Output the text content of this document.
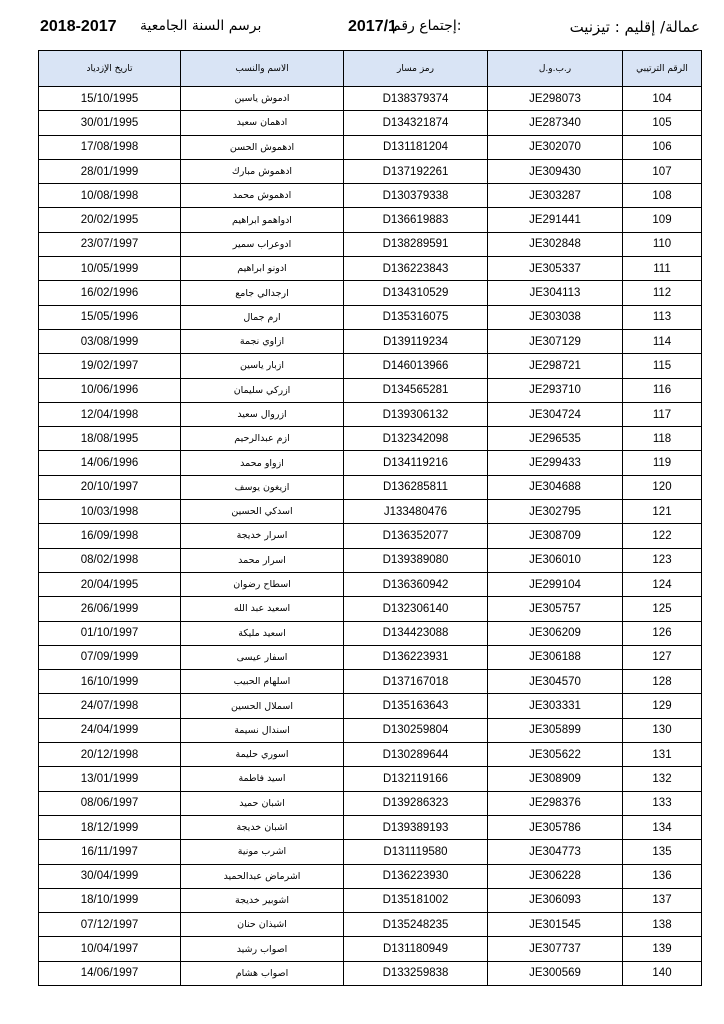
2018-2017 برسم السنة الجامعية	2017/1
إجتماع رقم:	عمالة/ إقليم : تيزنيت
تاريخ الإزدياد	الاسم والنسب	رمز مسار	ر.ب.و.ل	الرقم الترتيبي
15/10/1995	ادموش ياسين	D138379374	JE298073	104
30/01/1995	ادهمان سعيد	D134321874	JE287340	105
17/08/1998	ادهموش الحسن	D131181204	JE302070	106
28/01/1999	ادهموش مبارك	D137192261	JE309430	107
10/08/1998	ادهموش محمد	D130379338	JE303287	108
20/02/1995	ادواهمو ابراهيم	D136619883	JE291441	109
23/07/1997	ادوعراب سمير	D138289591	JE302848	110
10/05/1999	ادونو ابراهيم	D136223843	JE305337	111
16/02/1996	ارجدالي جامع	D134310529	JE304113	112
15/05/1996	ارم جمال	D135316075	JE303038	113
03/08/1999	ازاوي نجمة	D139119234	JE307129	114
19/02/1997	ازبار ياسين	D146013966	JE298721	115
10/06/1996	ازركي سليمان	D134565281	JE293710	116
12/04/1998	ازروال سعيد	D139306132	JE304724	117
18/08/1995	ازم عبدالرحيم	D132342098	JE296535	118
14/06/1996	ازواو محمد	D134119216	JE299433	119
20/10/1997	ازيغون يوسف	D136285811	JE304688	120
10/03/1998	اسدكي الحسين	J133480476	JE302795	121
16/09/1998	اسرار خديجة	D136352077	JE308709	122
08/02/1998	اسرار محمد	D139389080	JE306010	123
20/04/1995	اسطاح رضوان	D136360942	JE299104	124
26/06/1999	اسعيد عبد الله	D132306140	JE305757	125
01/10/1997	اسعيد مليكة	D134423088	JE306209	126
07/09/1999	اسفار عيسى	D136223931	JE306188	127
16/10/1999	اسلهام الحبيب	D137167018	JE304570	128
24/07/1998	اسملال الحسين	D135163643	JE303331	129
24/04/1999	اسندال نسيمة	D130259804	JE305899	130
20/12/1998	اسوري حليمة	D130289644	JE305622	131
13/01/1999	اسيد فاطمة	D132119166	JE308909	132
08/06/1997	اشبان حميد	D139286323	JE298376	133
18/12/1999	اشبان خديجة	D139389193	JE305786	134
16/11/1997	اشرب مونية	D131119580	JE304773	135
30/04/1999	اشرماض عبدالحميد	D136223930	JE306228	136
18/10/1999	اشوبير خديجة	D135181002	JE306093	137
07/12/1997	اشيذان حنان	D135248235	JE301545	138
10/04/1997	اصواب رشيد	D131180949	JE307737	139
14/06/1997	اصواب هشام	D133259838	JE300569	140
